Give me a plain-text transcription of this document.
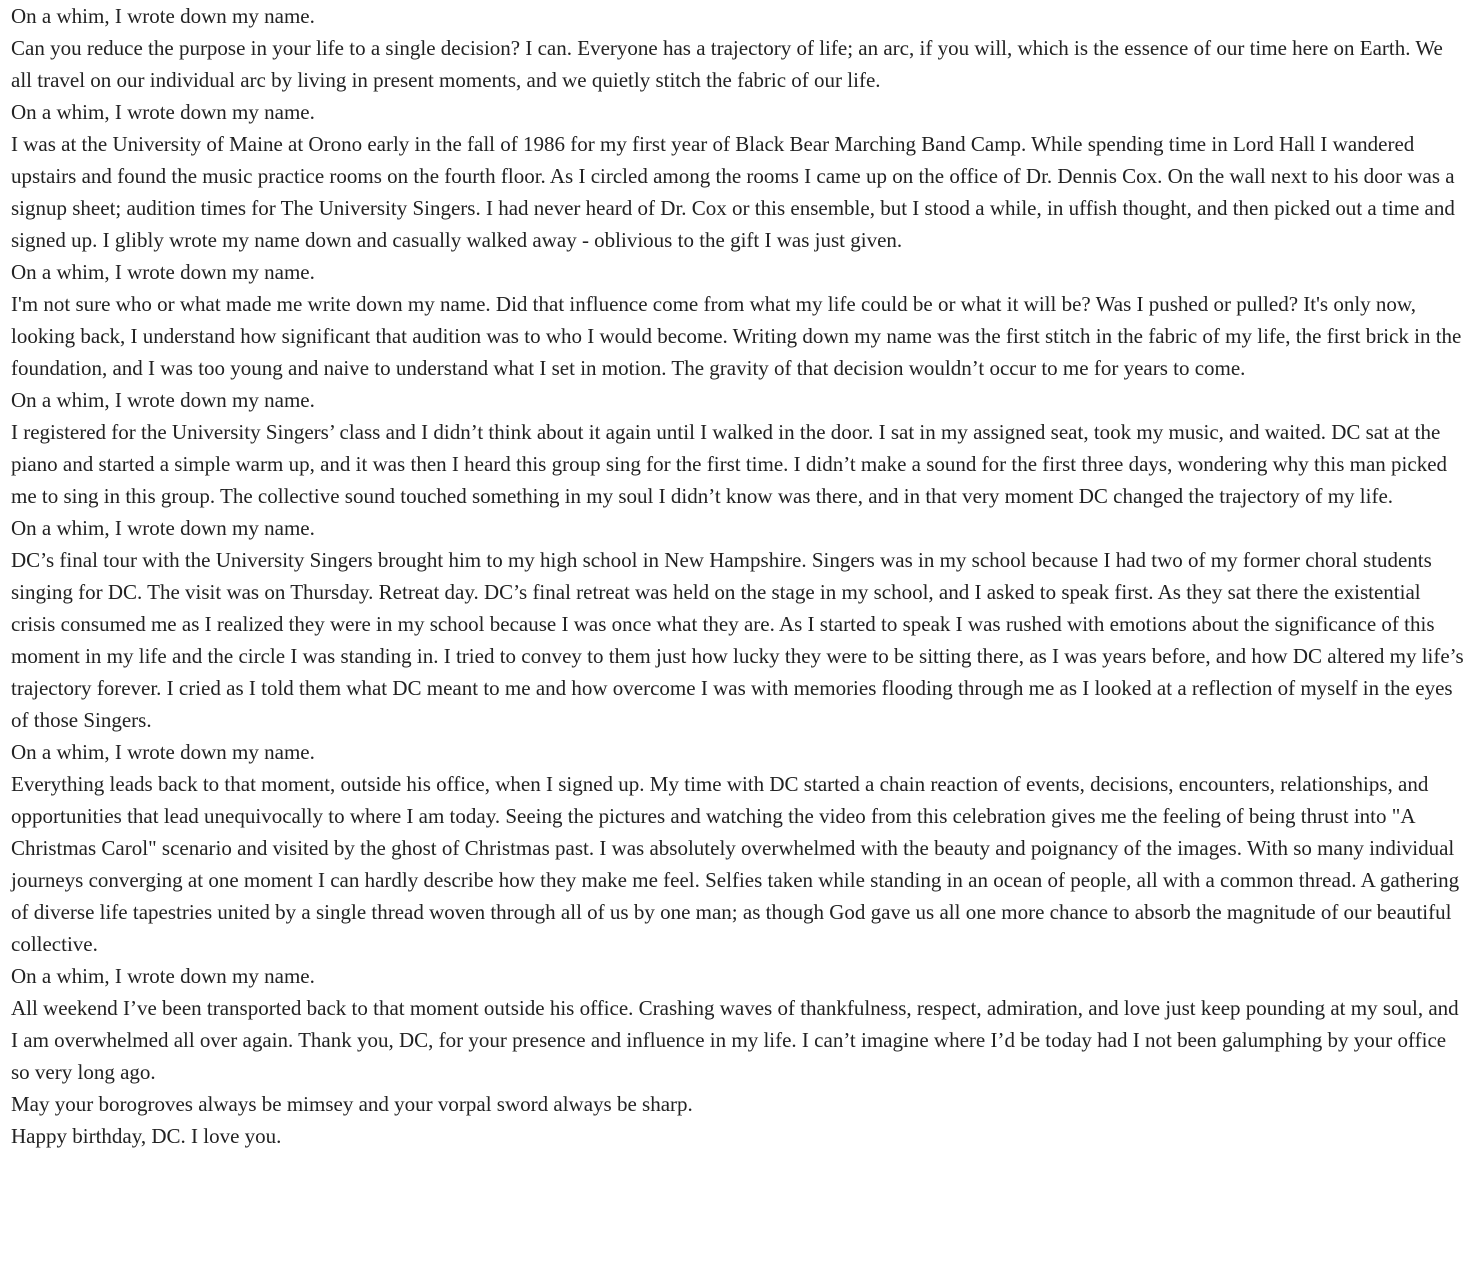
On a whim, I wrote down my name.

Can you reduce the purpose in your life to a single decision? I can. Everyone has a trajectory of life; an arc, if you will, which is the essence of our time here on Earth. We all travel on our individual arc by living in present moments, and we quietly stitch the fabric of our life.

On a whim, I wrote down my name.

I was at the University of Maine at Orono early in the fall of 1986 for my first year of Black Bear Marching Band Camp. While spending time in Lord Hall I wandered upstairs and found the music practice rooms on the fourth floor. As I circled among the rooms I came up on the office of Dr. Dennis Cox. On the wall next to his door was a signup sheet; audition times for The University Singers. I had never heard of Dr. Cox or this ensemble, but I stood a while, in uffish thought, and then picked out a time and signed up. I glibly wrote my name down and casually walked away - oblivious to the gift I was just given.

On a whim, I wrote down my name.

I'm not sure who or what made me write down my name. Did that influence come from what my life could be or what it will be? Was I pushed or pulled? It's only now, looking back, I understand how significant that audition was to who I would become. Writing down my name was the first stitch in the fabric of my life, the first brick in the foundation, and I was too young and naive to understand what I set in motion. The gravity of that decision wouldn’t occur to me for years to come.

On a whim, I wrote down my name.

I registered for the University Singers’ class and I didn’t think about it again until I walked in the door. I sat in my assigned seat, took my music, and waited. DC sat at the piano and started a simple warm up, and it was then I heard this group sing for the first time. I didn’t make a sound for the first three days, wondering why this man picked me to sing in this group. The collective sound touched something in my soul I didn’t know was there, and in that very moment DC changed the trajectory of my life.

On a whim, I wrote down my name.

DC’s final tour with the University Singers brought him to my high school in New Hampshire. Singers was in my school because I had two of my former choral students singing for DC. The visit was on Thursday. Retreat day. DC’s final retreat was held on the stage in my school, and I asked to speak first. As they sat there the existential crisis consumed me as I realized they were in my school because I was once what they are. As I started to speak I was rushed with emotions about the significance of this moment in my life and the circle I was standing in. I tried to convey to them just how lucky they were to be sitting there, as I was years before, and how DC altered my life’s trajectory forever. I cried as I told them what DC meant to me and how overcome I was with memories flooding through me as I looked at a reflection of myself in the eyes of those Singers.

On a whim, I wrote down my name.

Everything leads back to that moment, outside his office, when I signed up. My time with DC started a chain reaction of events, decisions, encounters, relationships, and opportunities that lead unequivocally to where I am today. Seeing the pictures and watching the video from this celebration gives me the feeling of being thrust into "A Christmas Carol" scenario and visited by the ghost of Christmas past. I was absolutely overwhelmed with the beauty and poignancy of the images. With so many individual journeys converging at one moment I can hardly describe how they make me feel. Selfies taken while standing in an ocean of people, all with a common thread. A gathering of diverse life tapestries united by a single thread woven through all of us by one man; as though God gave us all one more chance to absorb the magnitude of our beautiful collective.

On a whim, I wrote down my name.

All weekend I’ve been transported back to that moment outside his office. Crashing waves of thankfulness, respect, admiration, and love just keep pounding at my soul, and I am overwhelmed all over again. Thank you, DC, for your presence and influence in my life. I can’t imagine where I’d be today had I not been galumphing by your office so very long ago.

May your borogroves always be mimsey and your vorpal sword always be sharp.

Happy birthday, DC. I love you.
